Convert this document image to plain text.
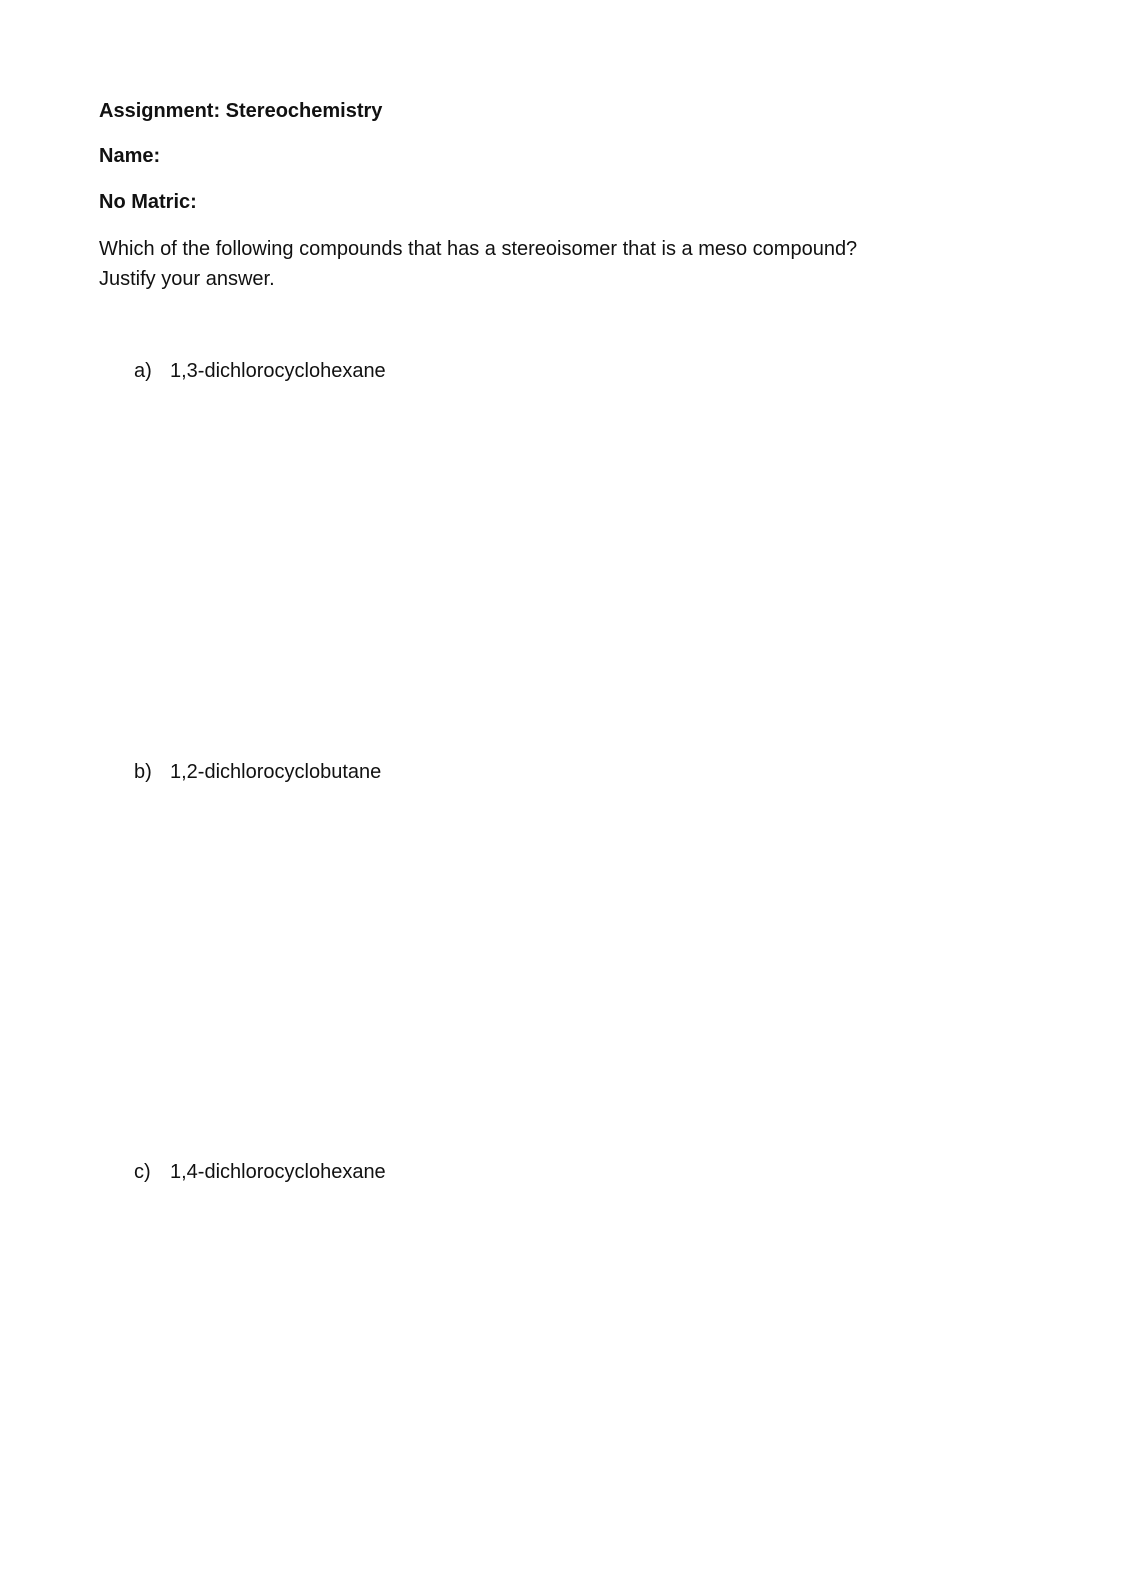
Assignment: Stereochemistry
Name:
No Matric:
Which of the following compounds that has a stereoisomer that is a meso compound?
Justify your answer.
a) 1,3-dichlorocyclohexane
b) 1,2-dichlorocyclobutane
c) 1,4-dichlorocyclohexane
